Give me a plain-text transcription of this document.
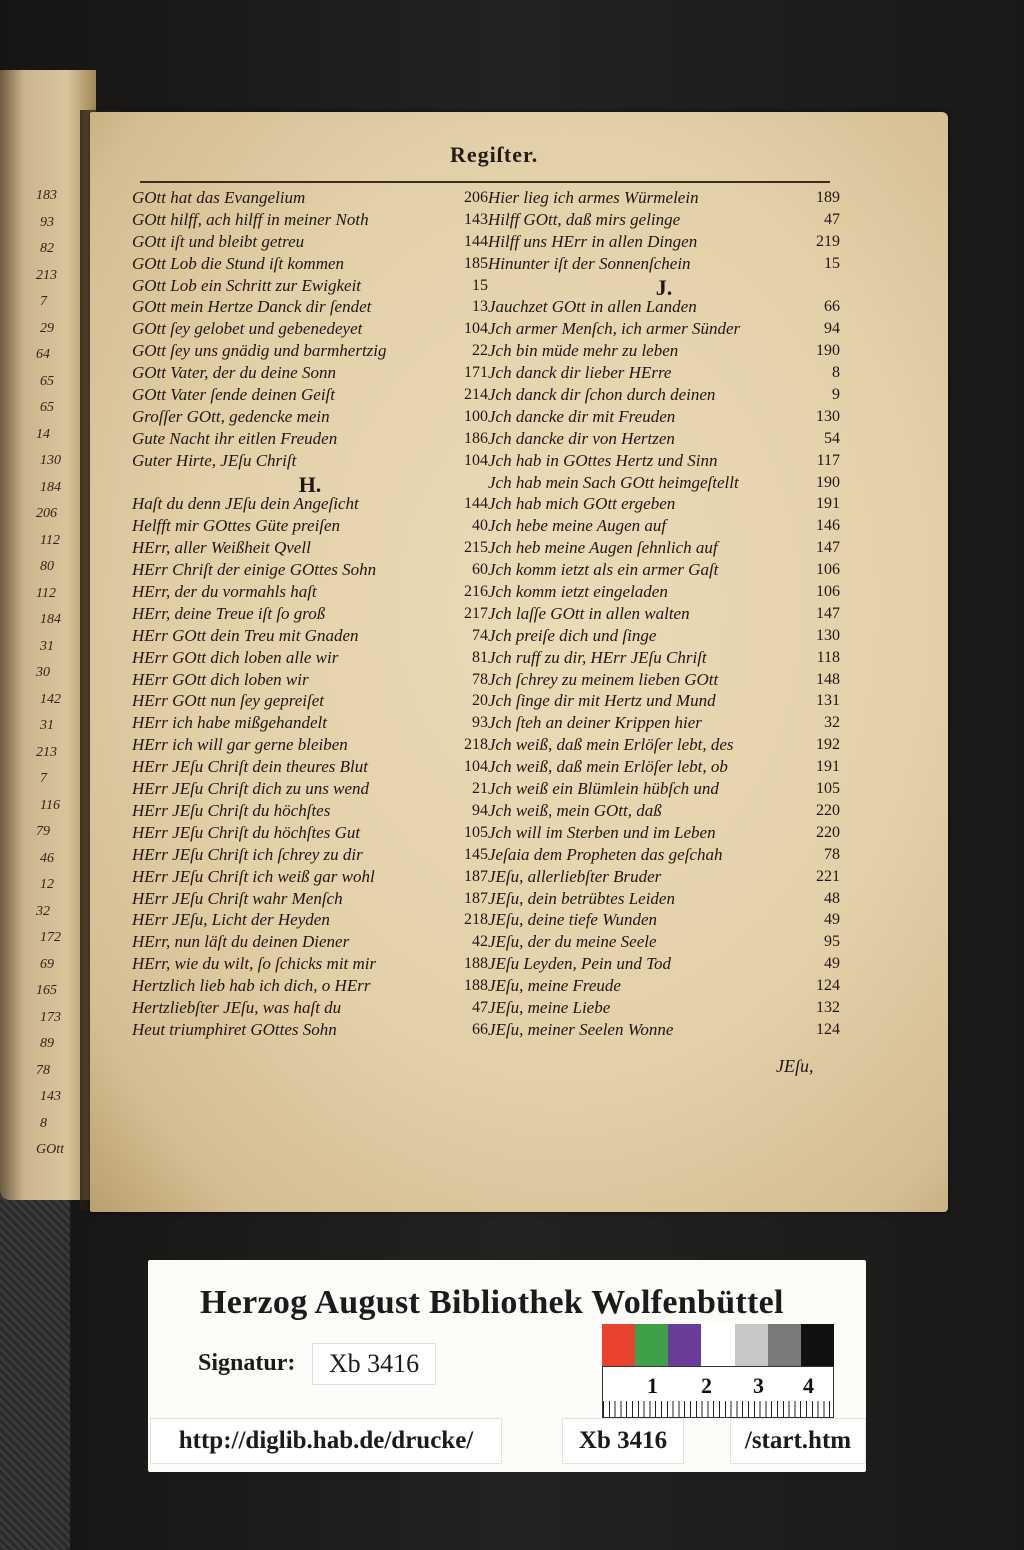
183
93
82
213
7
29
64
65
65
14
130
184
206
112
80
112
184
31
30
142
31
213
7
116
79
46
12
32
172
69
165
173
89
78
143
8
GOtt
Regiſter.
GOtt hat das Evangelium	206
GOtt hilff, ach hilff in meiner Noth	143
GOtt iſt und bleibt getreu	144
GOtt Lob die Stund iſt kommen	185
GOtt Lob ein Schritt zur Ewigkeit	15
GOtt mein Hertze Danck dir ſendet	13
GOtt ſey gelobet und gebenedeyet	104
GOtt ſey uns gnädig und barmhertzig	22
GOtt Vater, der du deine Sonn	171
GOtt Vater ſende deinen Geiſt	214
Groſſer GOtt, gedencke mein	100
Gute Nacht ihr eitlen Freuden	186
Guter Hirte, JEſu Chriſt	104
H.
Haſt du denn JEſu dein Angeſicht	144
Helfft mir GOttes Güte preiſen	40
HErr, aller Weißheit Qvell	215
HErr Chriſt der einige GOttes Sohn	60
HErr, der du vormahls haſt	216
HErr, deine Treue iſt ſo groß	217
HErr GOtt dein Treu mit Gnaden	74
HErr GOtt dich loben alle wir	81
HErr GOtt dich loben wir	78
HErr GOtt nun ſey gepreiſet	20
HErr ich habe mißgehandelt	93
HErr ich will gar gerne bleiben	218
HErr JEſu Chriſt dein theures Blut	104
HErr JEſu Chriſt dich zu uns wend	21
HErr JEſu Chriſt du höchſtes	94
HErr JEſu Chriſt du höchſtes Gut	105
HErr JEſu Chriſt ich ſchrey zu dir	145
HErr JEſu Chriſt ich weiß gar wohl	187
HErr JEſu Chriſt wahr Menſch	187
HErr JEſu, Licht der Heyden	218
HErr, nun läſt du deinen Diener	42
HErr, wie du wilt, ſo ſchicks mit mir	188
Hertzlich lieb hab ich dich, o HErr	188
Hertzliebſter JEſu, was haſt du	47
Heut triumphiret GOttes Sohn	66
Hier lieg ich armes Würmelein	189
Hilff GOtt, daß mirs gelinge	47
Hilff uns HErr in allen Dingen	219
Hinunter iſt der Sonnenſchein	15
J.
Jauchzet GOtt in allen Landen	66
Jch armer Menſch, ich armer Sünder	94
Jch bin müde mehr zu leben	190
Jch danck dir lieber HErre	8
Jch danck dir ſchon durch deinen	9
Jch dancke dir mit Freuden	130
Jch dancke dir von Hertzen	54
Jch hab in GOttes Hertz und Sinn	117
Jch hab mein Sach GOtt heimgeſtellt	190
Jch hab mich GOtt ergeben	191
Jch hebe meine Augen auf	146
Jch heb meine Augen ſehnlich auf	147
Jch komm ietzt als ein armer Gaſt	106
Jch komm ietzt eingeladen	106
Jch laſſe GOtt in allen walten	147
Jch preiſe dich und ſinge	130
Jch ruff zu dir, HErr JEſu Chriſt	118
Jch ſchrey zu meinem lieben GOtt	148
Jch ſinge dir mit Hertz und Mund	131
Jch ſteh an deiner Krippen hier	32
Jch weiß, daß mein Erlöſer lebt, des	192
Jch weiß, daß mein Erlöſer lebt, ob	191
Jch weiß ein Blümlein hübſch und	105
Jch weiß, mein GOtt, daß	220
Jch will im Sterben und im Leben	220
Jeſaia dem Propheten das geſchah	78
JEſu, allerliebſter Bruder	221
JEſu, dein betrübtes Leiden	48
JEſu, deine tiefe Wunden	49
JEſu, der du meine Seele	95
JEſu Leyden, Pein und Tod	49
JEſu, meine Freude	124
JEſu, meine Liebe	132
JEſu, meiner Seelen Wonne	124
JEſu,
Herzog August Bibliothek Wolfenbüttel
Signatur:	Xb 3416
1 2 3 4
http://diglib.hab.de/drucke/	Xb 3416	/start.htm
